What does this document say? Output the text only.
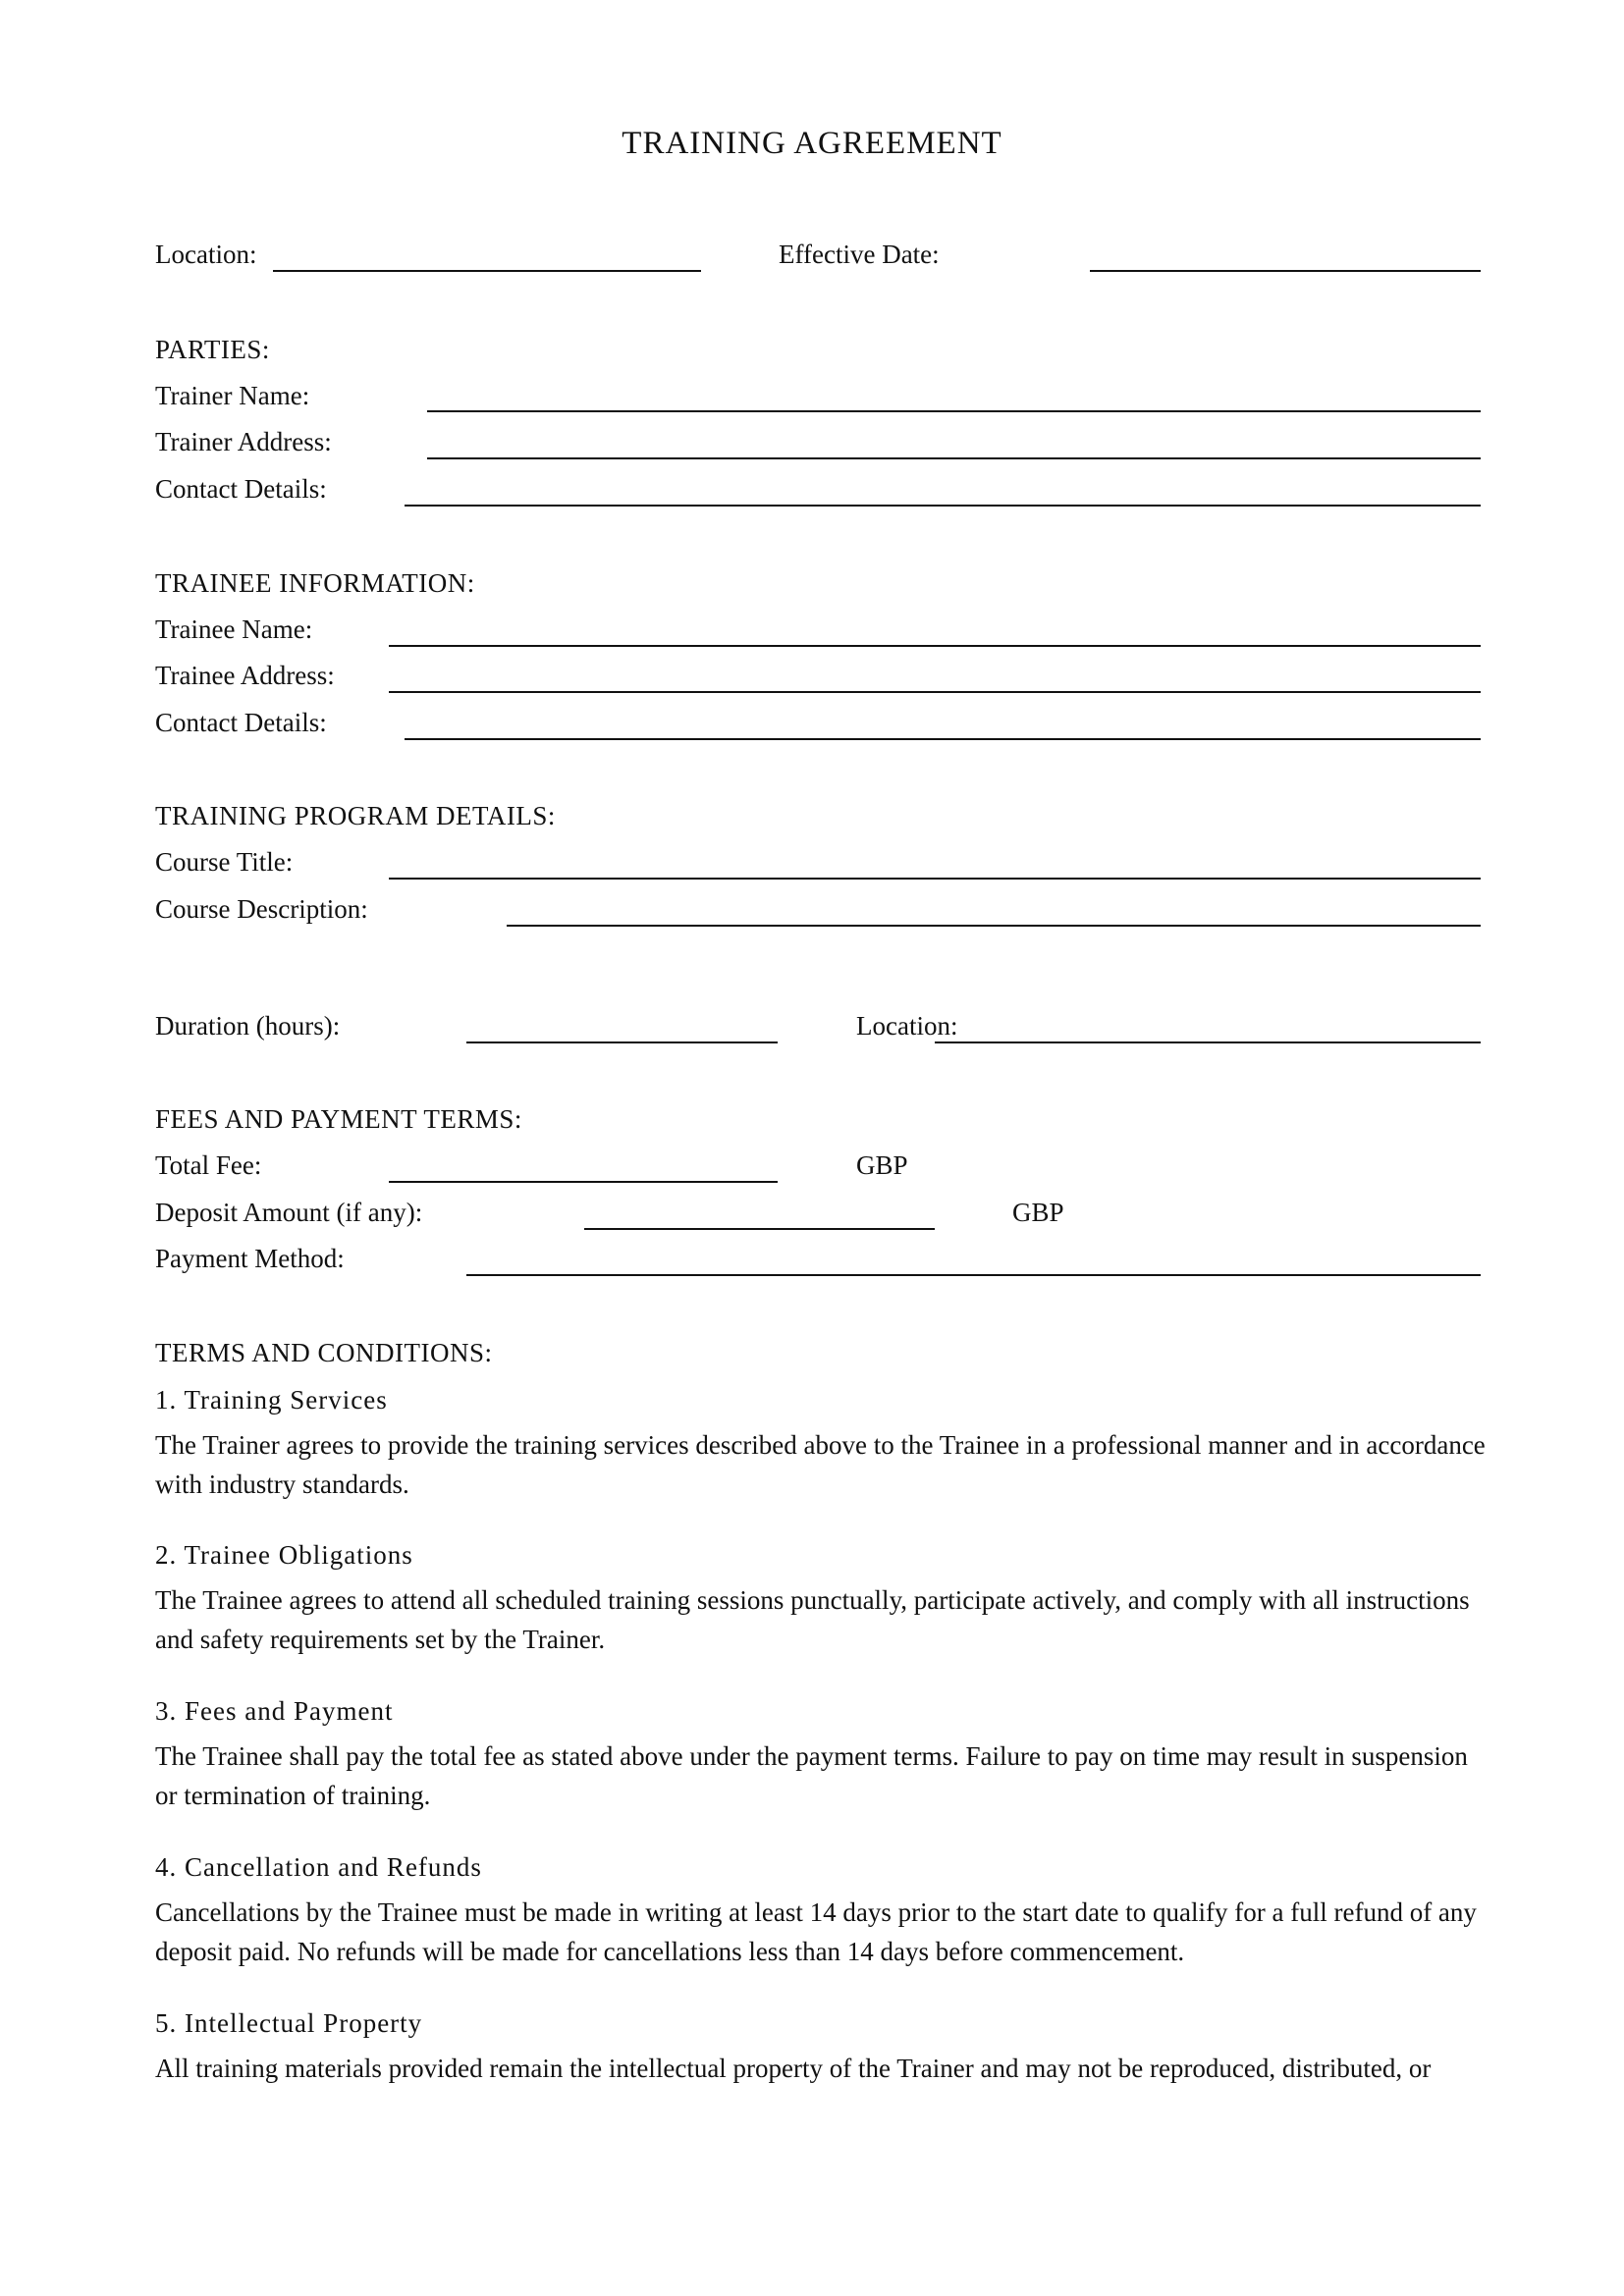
TRAINING AGREEMENT
Location:	Effective Date:
PARTIES:
Trainer Name:
Trainer Address:
Contact Details:
TRAINEE INFORMATION:
Trainee Name:
Trainee Address:
Contact Details:
TRAINING PROGRAM DETAILS:
Course Title:
Course Description:
Duration (hours):	Location:
FEES AND PAYMENT TERMS:
Total Fee:	GBP
Deposit Amount (if any):	GBP
Payment Method:
TERMS AND CONDITIONS:
1. Training Services
The Trainer agrees to provide the training services described above to the Trainee in a professional manner and in accordance with industry standards.
2. Trainee Obligations
The Trainee agrees to attend all scheduled training sessions punctually, participate actively, and comply with all instructions and safety requirements set by the Trainer.
3. Fees and Payment
The Trainee shall pay the total fee as stated above under the payment terms. Failure to pay on time may result in suspension or termination of training.
4. Cancellation and Refunds
Cancellations by the Trainee must be made in writing at least 14 days prior to the start date to qualify for a full refund of any deposit paid. No refunds will be made for cancellations less than 14 days before commencement.
5. Intellectual Property
All training materials provided remain the intellectual property of the Trainer and may not be reproduced, distributed, or
